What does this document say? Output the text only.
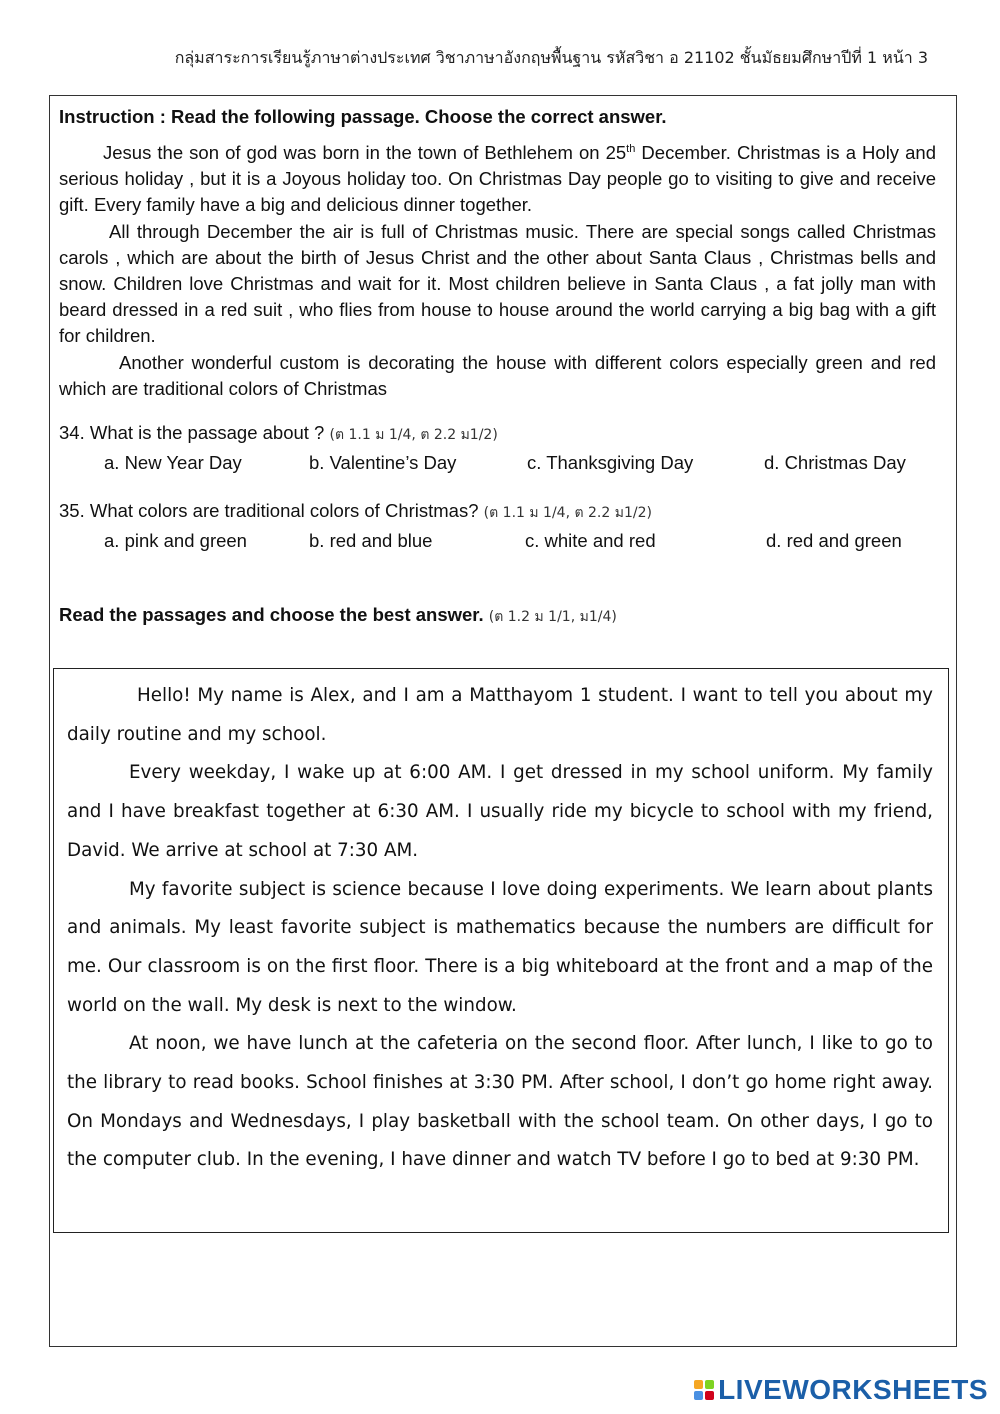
กลุ่มสาระการเรียนรู้ภาษาต่างประเทศ วิชาภาษาอังกฤษพื้นฐาน รหัสวิชา อ 21102 ชั้นมัธยมศึกษาปีที่ 1 หน้า 3
Instruction : Read the following passage. Choose the correct answer.

Jesus the son of god was born in the town of Bethlehem on 25th December. Christmas is a Holy and serious holiday , but it is a Joyous holiday too. On Christmas Day people go to visiting to give and receive gift. Every family have a big and delicious dinner together.

All through December the air is full of Christmas music. There are special songs called Christmas carols , which are about the birth of Jesus Christ and the other about Santa Claus , Christmas bells and snow. Children love Christmas and wait for it. Most children believe in Santa Claus , a fat jolly man with beard dressed in a red suit , who flies from house to house around the world carrying a big bag with a gift for children.

Another wonderful custom is decorating the house with different colors especially green and red which are traditional colors of Christmas

34. What is the passage about ? (ต 1.1 ม 1/4, ต 2.2 ม1/2)
a. New Year Day	b. Valentine’s Day	c. Thanksgiving Day	d. Christmas Day
35. What colors are traditional colors of Christmas? (ต 1.1 ม 1/4, ต 2.2 ม1/2)
a. pink and green	b. red and blue	c. white and red	d. red and green
Read the passages and choose the best answer. (ต 1.2 ม 1/1, ม1/4)

Hello! My name is Alex, and I am a Matthayom 1 student. I want to tell you about my daily routine and my school.

Every weekday, I wake up at 6:00 AM. I get dressed in my school uniform. My family and I have breakfast together at 6:30 AM. I usually ride my bicycle to school with my friend, David. We arrive at school at 7:30 AM.

My favorite subject is science because I love doing experiments. We learn about plants and animals. My least favorite subject is mathematics because the numbers are difficult for me. Our classroom is on the first floor. There is a big whiteboard at the front and a map of the world on the wall. My desk is next to the window.

At noon, we have lunch at the cafeteria on the second floor. After lunch, I like to go to the library to read books. School finishes at 3:30 PM. After school, I don’t go home right away. On Mondays and Wednesdays, I play basketball with the school team. On other days, I go to the computer club. In the evening, I have dinner and watch TV before I go to bed at 9:30 PM.

LIVEWORKSHEETS
